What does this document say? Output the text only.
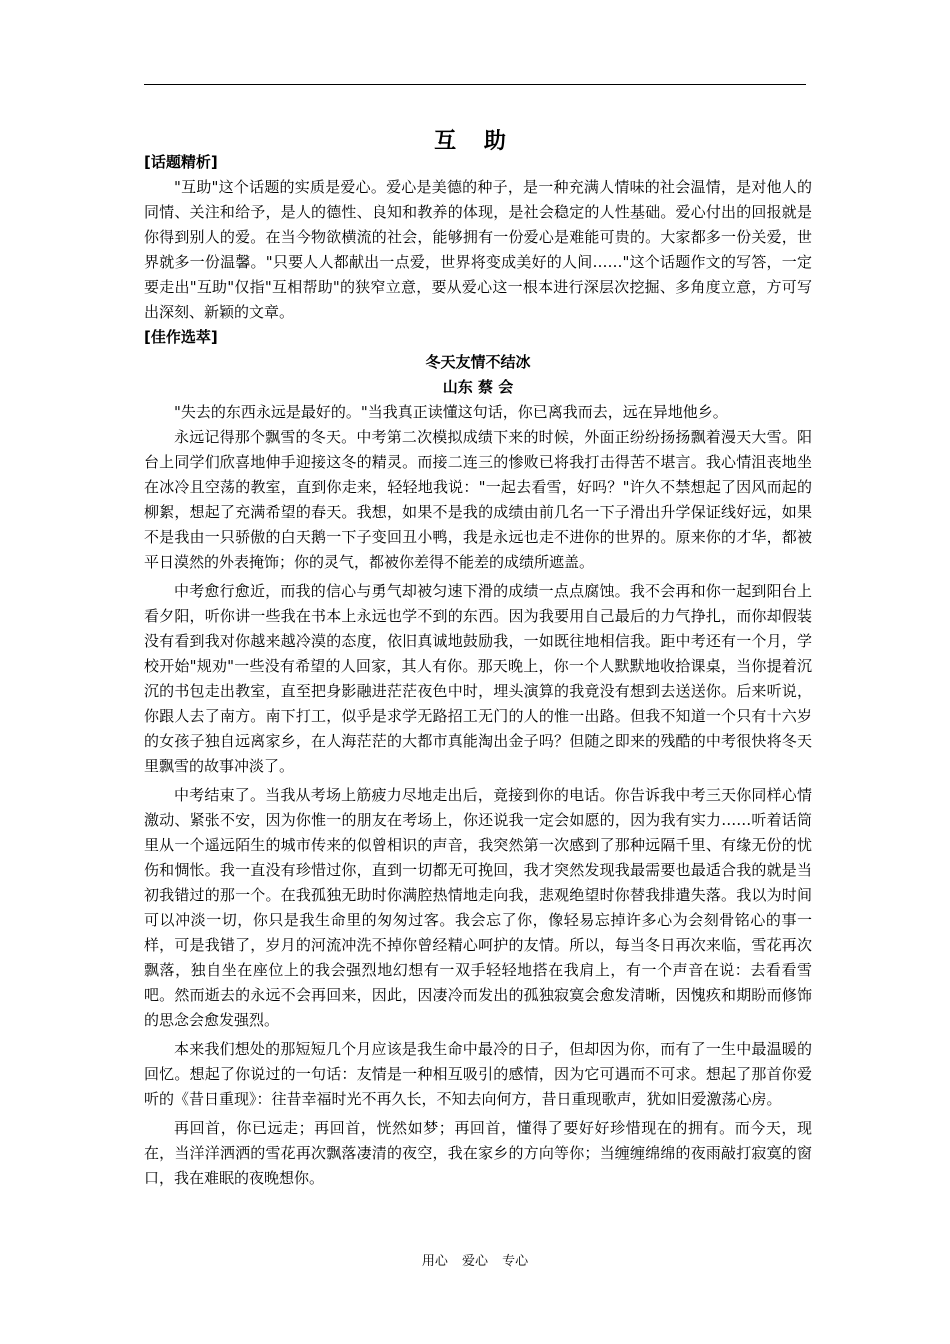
互 助
[话题精析]

"互助"这个话题的实质是爱心。爱心是美德的种子，是一种充满人情味的社会温情，是对他人的同情、关注和给予，是人的德性、良知和教养的体现，是社会稳定的人性基础。爱心付出的回报就是你得到别人的爱。在当今物欲横流的社会，能够拥有一份爱心是难能可贵的。大家都多一份关爱，世界就多一份温馨。"只要人人都献出一点爱，世界将变成美好的人间……"这个话题作文的写答，一定要走出"互助"仅指"互相帮助"的狭窄立意，要从爱心这一根本进行深层次挖掘、多角度立意，方可写出深刻、新颖的文章。

[佳作选萃]
冬天友情不结冰
山东 蔡 会

"失去的东西永远是最好的。"当我真正读懂这句话，你已离我而去，远在异地他乡。

永远记得那个飘雪的冬天。中考第二次模拟成绩下来的时候，外面正纷纷扬扬飘着漫天大雪。阳台上同学们欣喜地伸手迎接这冬的精灵。而接二连三的惨败已将我打击得苦不堪言。我心情沮丧地坐在冰冷且空荡的教室，直到你走来，轻轻地我说："一起去看雪，好吗？"许久不禁想起了因风而起的柳絮，想起了充满希望的春天。我想，如果不是我的成绩由前几名一下子滑出升学保证线好远，如果不是我由一只骄傲的白天鹅一下子变回丑小鸭，我是永远也走不进你的世界的。原来你的才华，都被平日漠然的外表掩饰；你的灵气，都被你差得不能差的成绩所遮盖。

中考愈行愈近，而我的信心与勇气却被匀速下滑的成绩一点点腐蚀。我不会再和你一起到阳台上看夕阳，听你讲一些我在书本上永远也学不到的东西。因为我要用自己最后的力气挣扎，而你却假装没有看到我对你越来越冷漠的态度，依旧真诚地鼓励我，一如既往地相信我。距中考还有一个月，学校开始"规劝"一些没有希望的人回家，其人有你。那天晚上，你一个人默默地收拾课桌，当你提着沉沉的书包走出教室，直至把身影融进茫茫夜色中时，埋头演算的我竟没有想到去送送你。后来听说，你跟人去了南方。南下打工，似乎是求学无路招工无门的人的惟一出路。但我不知道一个只有十六岁的女孩子独自远离家乡，在人海茫茫的大都市真能淘出金子吗？但随之即来的残酷的中考很快将冬天里飘雪的故事冲淡了。

中考结束了。当我从考场上筋疲力尽地走出后，竟接到你的电话。你告诉我中考三天你同样心情激动、紧张不安，因为你惟一的朋友在考场上，你还说我一定会如愿的，因为我有实力……听着话筒里从一个遥远陌生的城市传来的似曾相识的声音，我突然第一次感到了那种远隔千里、有缘无份的忧伤和惆怅。我一直没有珍惜过你，直到一切都无可挽回，我才突然发现我最需要也最适合我的就是当初我错过的那一个。在我孤独无助时你满腔热情地走向我，悲观绝望时你替我排遣失落。我以为时间可以冲淡一切，你只是我生命里的匆匆过客。我会忘了你，像轻易忘掉许多心为会刻骨铭心的事一样，可是我错了，岁月的河流冲洗不掉你曾经精心呵护的友情。所以，每当冬日再次来临，雪花再次飘落，独自坐在座位上的我会强烈地幻想有一双手轻轻地搭在我肩上，有一个声音在说：去看看雪吧。然而逝去的永远不会再回来，因此，因凄冷而发出的孤独寂寞会愈发清晰，因愧疚和期盼而修饰的思念会愈发强烈。

本来我们想处的那短短几个月应该是我生命中最冷的日子，但却因为你，而有了一生中最温暖的回忆。想起了你说过的一句话：友情是一种相互吸引的感情，因为它可遇而不可求。想起了那首你爱听的《昔日重现》：往昔幸福时光不再久长，不知去向何方，昔日重现歌声，犹如旧爱激荡心房。

再回首，你已远走；再回首，恍然如梦；再回首，懂得了要好好珍惜现在的拥有。而今天，现在，当洋洋洒洒的雪花再次飘落凄清的夜空，我在家乡的方向等你；当缠缠绵绵的夜雨敲打寂寞的窗口，我在难眠的夜晚想你。

用心 爱心 专心
